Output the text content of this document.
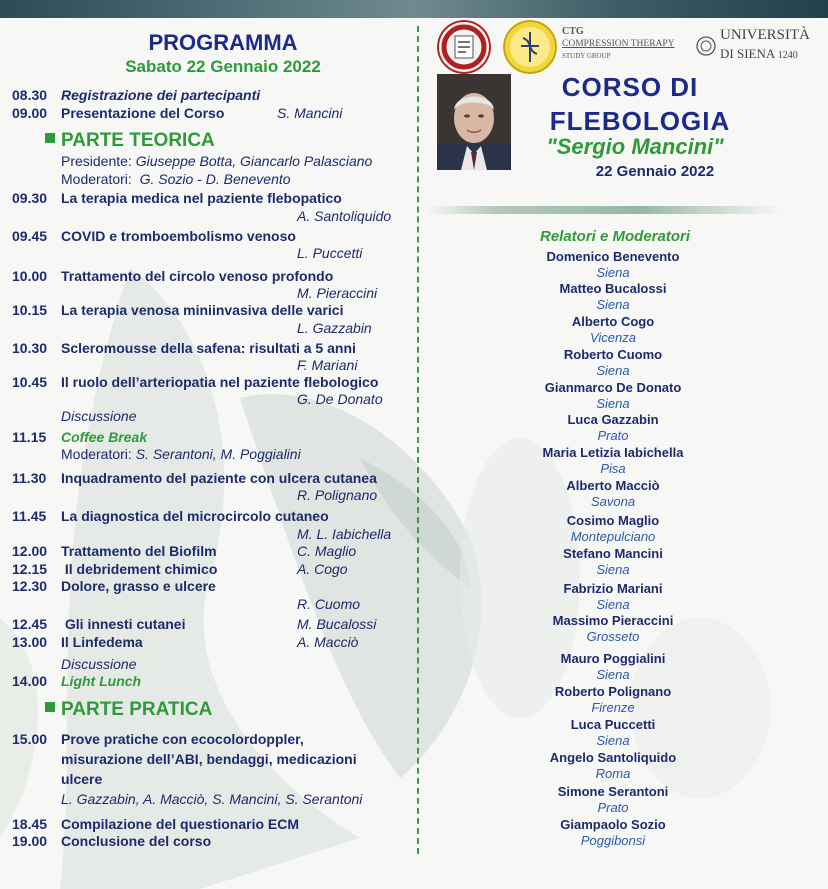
PROGRAMMA
Sabato 22 Gennaio 2022
08.30 Registrazione dei partecipanti
09.00 Presentazione del Corso	S. Mancini
PARTE TEORICA
Presidente: Giuseppe Botta, Giancarlo Palasciano
Moderatori: G. Sozio - D. Benevento
09.30 La terapia medica nel paziente flebopatico
A. Santoliquido
09.45 COVID e tromboembolismo venoso
L. Puccetti
10.00 Trattamento del circolo venoso profondo
M. Pieraccini
10.15 La terapia venosa miniinvasiva delle varici
L. Gazzabin
10.30 Scleromousse della safena: risultati a 5 anni
F. Mariani
10.45 Il ruolo dell’arteriopatia nel paziente flebologico
G. De Donato
Discussione
11.15 Coffee Break
Moderatori: S. Serantoni, M. Poggialini
11.30 Inquadramento del paziente con ulcera cutanea
R. Polignano
11.45 La diagnostica del microcircolo cutaneo
M. L. Iabichella
12.00 Trattamento del Biofilm	C. Maglio
12.15 Il debridement chimico	A. Cogo
12.30 Dolore, grasso e ulcere
R. Cuomo
12.45 Gli innesti cutanei	M. Bucalossi
13.00 Il Linfedema	A. Macciò
Discussione
14.00 Light Lunch
PARTE PRATICA
15.00 Prove pratiche con ecocolordoppler,
misurazione dell’ABI, bendaggi, medicazioni
ulcere
L. Gazzabin, A. Macciò, S. Mancini, S. Serantoni
18.45 Compilazione del questionario ECM
19.00 Conclusione del corso
CTG
COMPRESSION THERAPY
STUDY GROUP
UNIVERSITÀ
DI SIENA 1240
CORSO DI
FLEBOLOGIA
"Sergio Mancini"
22 Gennaio 2022
Relatori e Moderatori
Domenico Benevento
Siena
Matteo Bucalossi
Siena
Alberto Cogo
Vicenza
Roberto Cuomo
Siena
Gianmarco De Donato
Siena
Luca Gazzabin
Prato
Maria Letizia Iabichella
Pisa
Alberto Macciò
Savona
Cosimo Maglio
Montepulciano
Stefano Mancini
Siena
Fabrizio Mariani
Siena
Massimo Pieraccini
Grosseto
Mauro Poggialini
Siena
Roberto Polignano
Firenze
Luca Puccetti
Siena
Angelo Santoliquido
Roma
Simone Serantoni
Prato
Giampaolo Sozio
Poggibonsi
